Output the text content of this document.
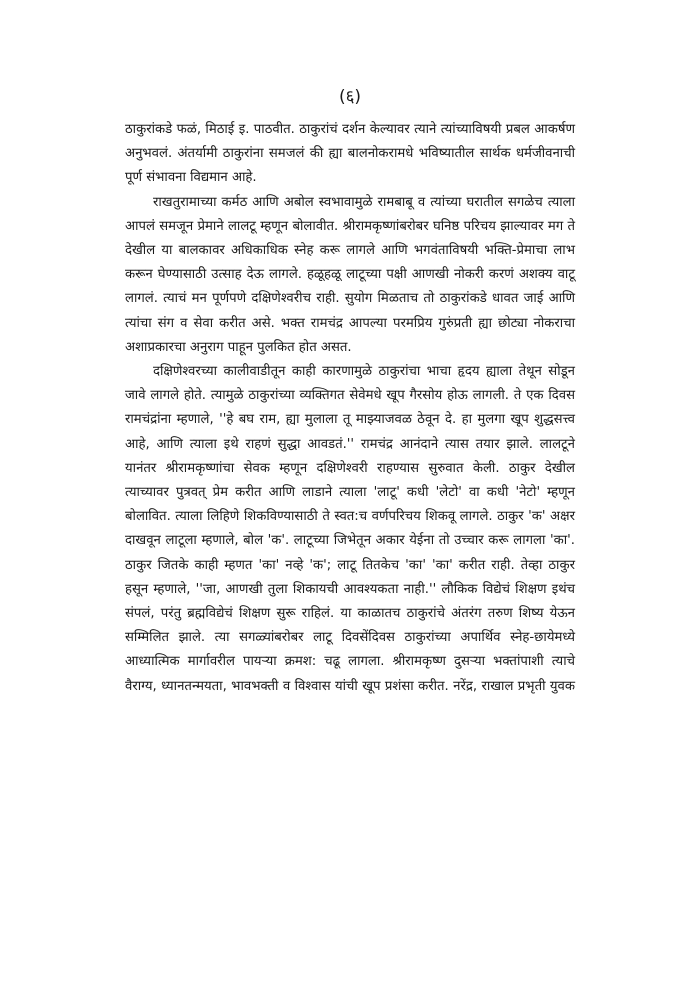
(६)

ठाकुरांकडे फळं, मिठाई इ. पाठवीत. ठाकुरांचं दर्शन केल्यावर त्याने त्यांच्याविषयी प्रबल आकर्षण अनुभवलं. अंतर्यामी ठाकुरांना समजलं की ह्या बालनोकरामधे भविष्यातील सार्थक धर्मजीवनाची पूर्ण संभावना विद्यमान आहे.

राखतुरामाच्या कर्मठ आणि अबोल स्वभावामुळे रामबाबू व त्यांच्या घरातील सगळेच त्याला आपलं समजून प्रेमाने लालटू म्हणून बोलावीत. श्रीरामकृष्णांबरोबर घनिष्ठ परिचय झाल्यावर मग ते देखील या बालकावर अधिकाधिक स्नेह करू लागले आणि भगवंताविषयी भक्ति-प्रेमाचा लाभ करून घेण्यासाठी उत्साह देऊ लागले. हळूहळू लाटूच्या पक्षी आणखी नोकरी करणं अशक्य वाटू लागलं. त्याचं मन पूर्णपणे दक्षिणेश्वरीच राही. सुयोग मिळताच तो ठाकुरांकडे धावत जाई आणि त्यांचा संग व सेवा करीत असे. भक्त रामचंद्र आपल्या परमप्रिय गुरुंप्रती ह्या छोट्या नोकराचा अशाप्रकारचा अनुराग पाहून पुलकित होत असत.

दक्षिणेश्वरच्या कालीवाडीतून काही कारणामुळे ठाकुरांचा भाचा हृदय ह्याला तेथून सोडून जावे लागले होते. त्यामुळे ठाकुरांच्या व्यक्तिगत सेवेमधे खूप गैरसोय होऊ लागली. ते एक दिवस रामचंद्रांना म्हणाले, ''हे बघ राम, ह्या मुलाला तू माझ्याजवळ ठेवून दे. हा मुलगा खूप शुद्धसत्त्व आहे, आणि त्याला इथे राहणं सुद्धा आवडतं.'' रामचंद्र आनंदाने त्यास तयार झाले. लालटूने यानंतर श्रीरामकृष्णांचा सेवक म्हणून दक्षिणेश्वरी राहण्यास सुरुवात केली. ठाकुर देखील त्याच्यावर पुत्रवत् प्रेम करीत आणि लाडाने त्याला 'लाटू' कधी 'लेटो' वा कधी 'नेटो' म्हणून बोलावित. त्याला लिहिणे शिकविण्यासाठी ते स्वत:च वर्णपरिचय शिकवू लागले. ठाकुर 'क' अक्षर दाखवून लाटूला म्हणाले, बोल 'क'. लाटूच्या जिभेतून अकार येईना तो उच्चार करू लागला 'का'. ठाकुर जितके काही म्हणत 'का' नव्हे 'क'; लाटू तितकेच 'का' 'का' करीत राही. तेव्हा ठाकुर हसून म्हणाले, ''जा, आणखी तुला शिकायची आवश्यकता नाही.'' लौकिक विद्येचं शिक्षण इथंच संपलं, परंतु ब्रह्मविद्येचं शिक्षण सुरू राहिलं. या काळातच ठाकुरांचे अंतरंग तरुण शिष्य येऊन सम्मिलित झाले. त्या सगळ्यांबरोबर लाटू दिवसेंदिवस ठाकुरांच्या अपार्थिव स्नेह-छायेमध्ये आध्यात्मिक मार्गावरील पायऱ्या क्रमश: चढू लागला. श्रीरामकृष्ण दुसऱ्या भक्तांपाशी त्याचे वैराग्य, ध्यानतन्मयता, भावभक्ती व विश्वास यांची खूप प्रशंसा करीत. नरेंद्र, राखाल प्रभृती युवक
